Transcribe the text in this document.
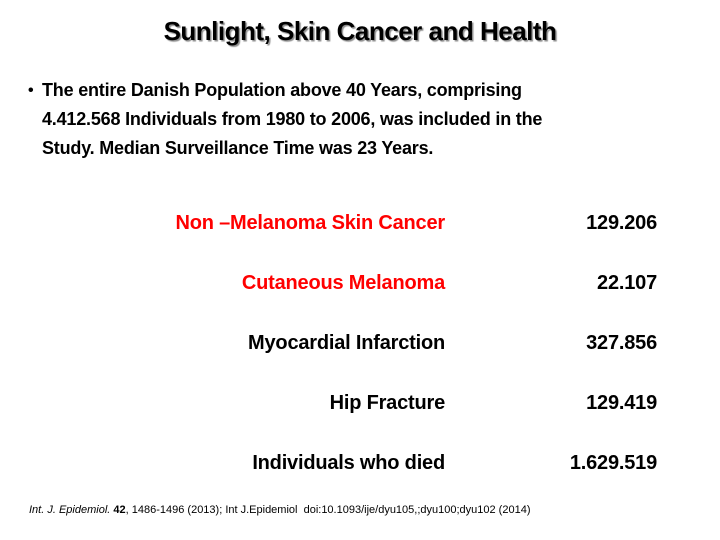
Sunlight, Skin Cancer and Health
• The entire Danish Population above 40 Years, comprising
4.412.568 Individuals from 1980 to 2006, was included in the
Study. Median Surveillance Time was 23 Years.
Non –Melanoma Skin Cancer	129.206
Cutaneous Melanoma	22.107
Myocardial Infarction	327.856
Hip Fracture	129.419
Individuals who died	1.629.519
Int. J. Epidemiol. 42, 1486-1496 (2013); Int J.Epidemiol  doi:10.1093/ije/dyu105,;dyu100;dyu102 (2014)
